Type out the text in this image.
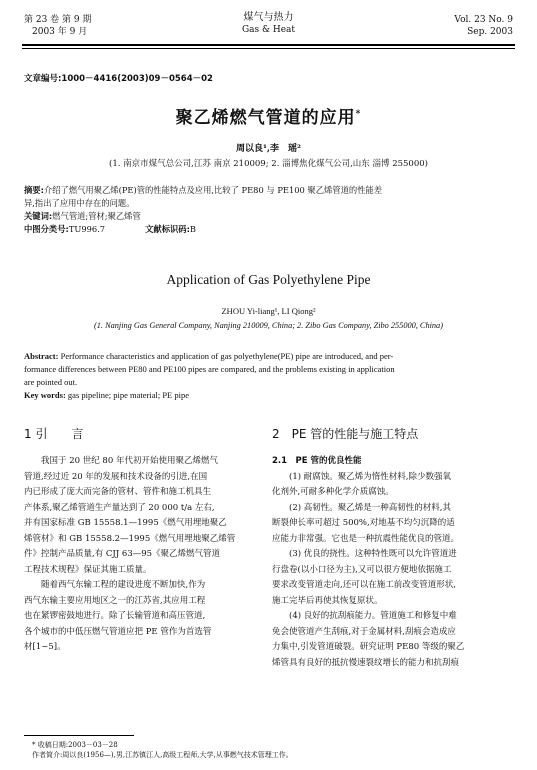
第 23 卷 第 9 期
2003 年 9 月
煤气与热力
Gas & Heat
Vol. 23 No. 9
Sep. 2003
文章编号:1000－4416(2003)09－0564－02
聚乙烯燃气管道的应用*
周以良¹,李　瑶²
(1. 南京市煤气总公司,江苏 南京 210009; 2. 淄博焦化煤气公司,山东 淄博 255000)
摘要:介绍了燃气用聚乙烯(PE)管的性能特点及应用,比较了 PE80 与 PE100 聚乙烯管道的性能差
异,指出了应用中存在的问题。
关键词:燃气管道;管材;聚乙烯管
中图分类号:TU996.7	文献标识码:B
Application of Gas Polyethylene Pipe
ZHOU Yi-liang¹, LI Qiong²
(1. Nanjing Gas General Company, Nanjing 210009, China; 2. Zibo Gas Company, Zibo 255000, China)
Abstract: Performance characteristics and application of gas polyethylene(PE) pipe are introduced, and per-
formance differences between PE80 and PE100 pipes are compared, and the problems existing in application
are pointed out.
Key words: gas pipeline; pipe material; PE pipe
1 引　　言
我国于 20 世纪 80 年代初开始使用聚乙烯燃气
管道,经过近 20 年的发展和技术设备的引进,在国
内已形成了庞大而完备的管材、管件和施工机具生
产体系,聚乙烯管道生产量达到了 20 000 t/a 左右,
并有国家标准 GB 15558.1—1995《燃气用埋地聚乙
烯管材》和 GB 15558.2—1995《燃气用埋地聚乙烯管
件》控制产品质量,有 CJJ 63—95《聚乙烯燃气管道
工程技术规程》保证其施工质量。
随着西气东输工程的建设进度不断加快,作为
西气东输主要应用地区之一的江苏省,其应用工程
也在紧锣密鼓地进行。除了长输管道和高压管道,
各个城市的中低压燃气管道应把 PE 管作为首选管
材[1~5]。
2　PE 管的性能与施工特点
2.1　PE 管的优良性能
(1) 耐腐蚀。聚乙烯为惰性材料,除少数强氧
化剂外,可耐多种化学介质腐蚀。
(2) 高韧性。聚乙烯是一种高韧性的材料,其
断裂伸长率可超过 500%,对地基不均匀沉降的适
应能力非常强。它也是一种抗震性能优良的管道。
(3) 优良的挠性。这种特性既可以允许管道进
行盘卷(以小口径为主),又可以很方便地依据施工
要求改变管道走向,还可以在施工前改变管道形状,
施工完毕后再使其恢复原状。
(4) 良好的抗刮痕能力。管道施工和修复中难
免会使管道产生刮痕,对于金属材料,刮痕会造成应
力集中,引发管道破裂。研究证明 PE80 等级的聚乙
烯管具有良好的抵抗慢速裂纹增长的能力和抗刮痕
* 收稿日期:2003－03－28
作者简介:周以良(1956—),男,江苏镇江人,高级工程师,大学,从事燃气技术管理工作。
